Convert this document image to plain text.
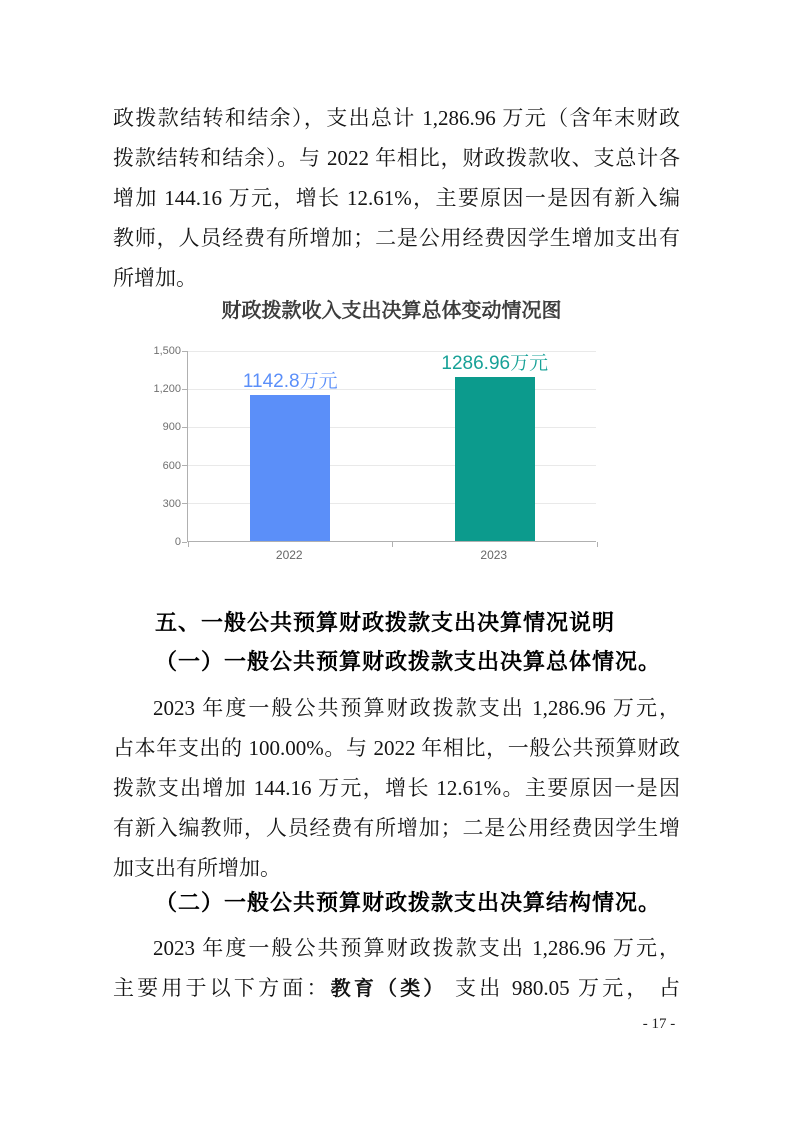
政拨款结转和结余），支出总计 1,286.96 万元（含年末财政
拨款结转和结余）。与 2022 年相比，财政拨款收、支总计各
增加 144.16 万元，增长 12.61%，主要原因一是因有新入编
教师，人员经费有所增加；二是公用经费因学生增加支出有
所增加。
财政拨款收入支出决算总体变动情况图
1142.8万元
1286.96万元
0
300
600
900
1,200
1,500
2022	2023
五、一般公共预算财政拨款支出决算情况说明
（一）一般公共预算财政拨款支出决算总体情况。
2023 年度一般公共预算财政拨款支出 1,286.96 万元，
占本年支出的 100.00%。与 2022 年相比，一般公共预算财政
拨款支出增加 144.16 万元，增长 12.61%。主要原因一是因
有新入编教师，人员经费有所增加；二是公用经费因学生增
加支出有所增加。
（二）一般公共预算财政拨款支出决算结构情况。
2023 年度一般公共预算财政拨款支出 1,286.96 万元，
主要用于以下方面：教育（类） 支出 980.05 万元， 占
- 17 -
